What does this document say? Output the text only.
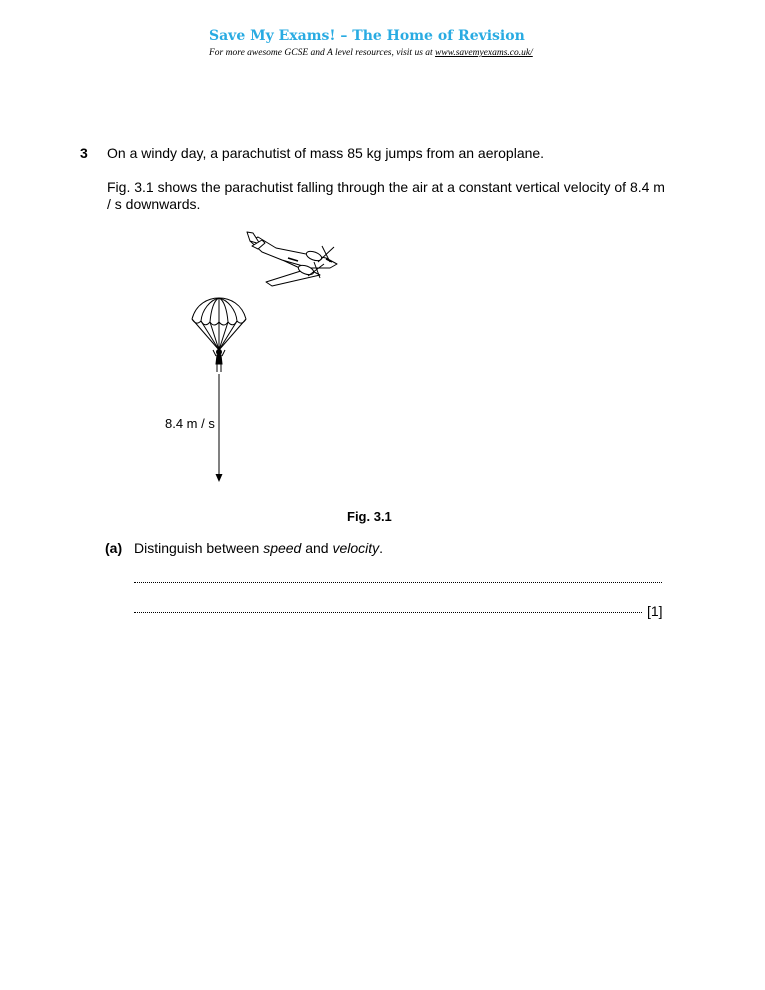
Save My Exams! – The Home of Revision
For more awesome GCSE and A level resources, visit us at www.savemyexams.co.uk/
3 On a windy day, a parachutist of mass 85 kg jumps from an aeroplane.
Fig. 3.1 shows the parachutist falling through the air at a constant vertical velocity of 8.4 m / s downwards.
8.4 m / s
Fig. 3.1
(a) Distinguish between speed and velocity.
[1]
